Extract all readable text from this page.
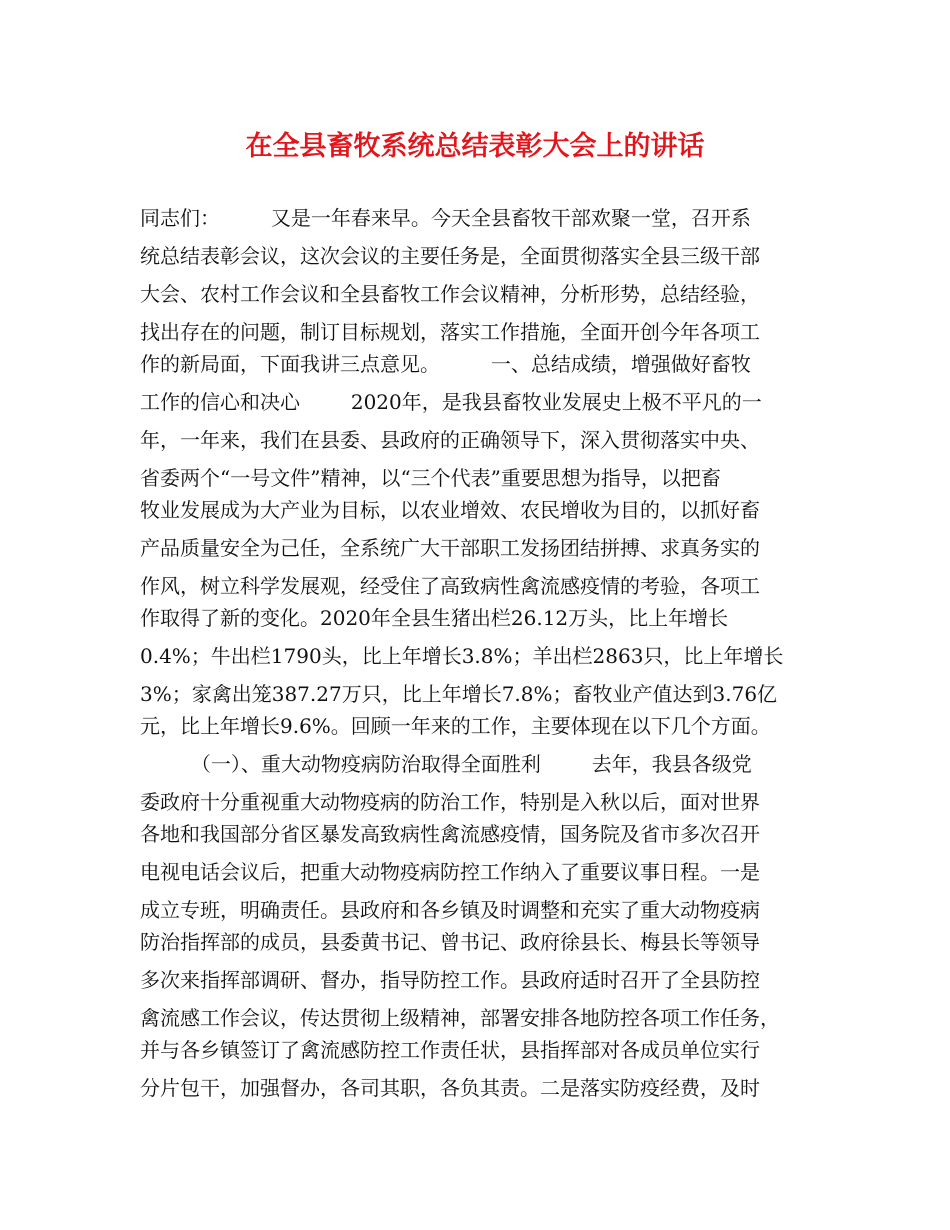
在全县畜牧系统总结表彰大会上的讲话
同志们：        又是一年春来早。今天全县畜牧干部欢聚一堂，召开系
统总结表彰会议，这次会议的主要任务是，全面贯彻落实全县三级干部
大会、农村工作会议和全县畜牧工作会议精神，分析形势，总结经验，
找出存在的问题，制订目标规划，落实工作措施，全面开创今年各项工
作的新局面，下面我讲三点意见。        一、总结成绩，增强做好畜牧
工作的信心和决心        2020年，是我县畜牧业发展史上极不平凡的一
年，一年来，我们在县委、县政府的正确领导下，深入贯彻落实中央、
省委两个“一号文件”精神，以“三个代表”重要思想为指导，以把畜
牧业发展成为大产业为目标，以农业增效、农民增收为目的，以抓好畜
产品质量安全为己任，全系统广大干部职工发扬团结拼搏、求真务实的
作风，树立科学发展观，经受住了高致病性禽流感疫情的考验，各项工
作取得了新的变化。2020年全县生猪出栏26.12万头，比上年增长
0.4%；牛出栏1790头，比上年增长3.8%；羊出栏2863只，比上年增长
3%；家禽出笼387.27万只，比上年增长7.8%；畜牧业产值达到3.76亿
元，比上年增长9.6%。回顾一年来的工作，主要体现在以下几个方面。
（一）、重大动物疫病防治取得全面胜利        去年，我县各级党
委政府十分重视重大动物疫病的防治工作，特别是入秋以后，面对世界
各地和我国部分省区暴发高致病性禽流感疫情，国务院及省市多次召开
电视电话会议后，把重大动物疫病防控工作纳入了重要议事日程。一是
成立专班，明确责任。县政府和各乡镇及时调整和充实了重大动物疫病
防治指挥部的成员，县委黄书记、曾书记、政府徐县长、梅县长等领导
多次来指挥部调研、督办，指导防控工作。县政府适时召开了全县防控
禽流感工作会议，传达贯彻上级精神，部署安排各地防控各项工作任务，
并与各乡镇签订了禽流感防控工作责任状，县指挥部对各成员单位实行
分片包干，加强督办，各司其职，各负其责。二是落实防疫经费，及时
